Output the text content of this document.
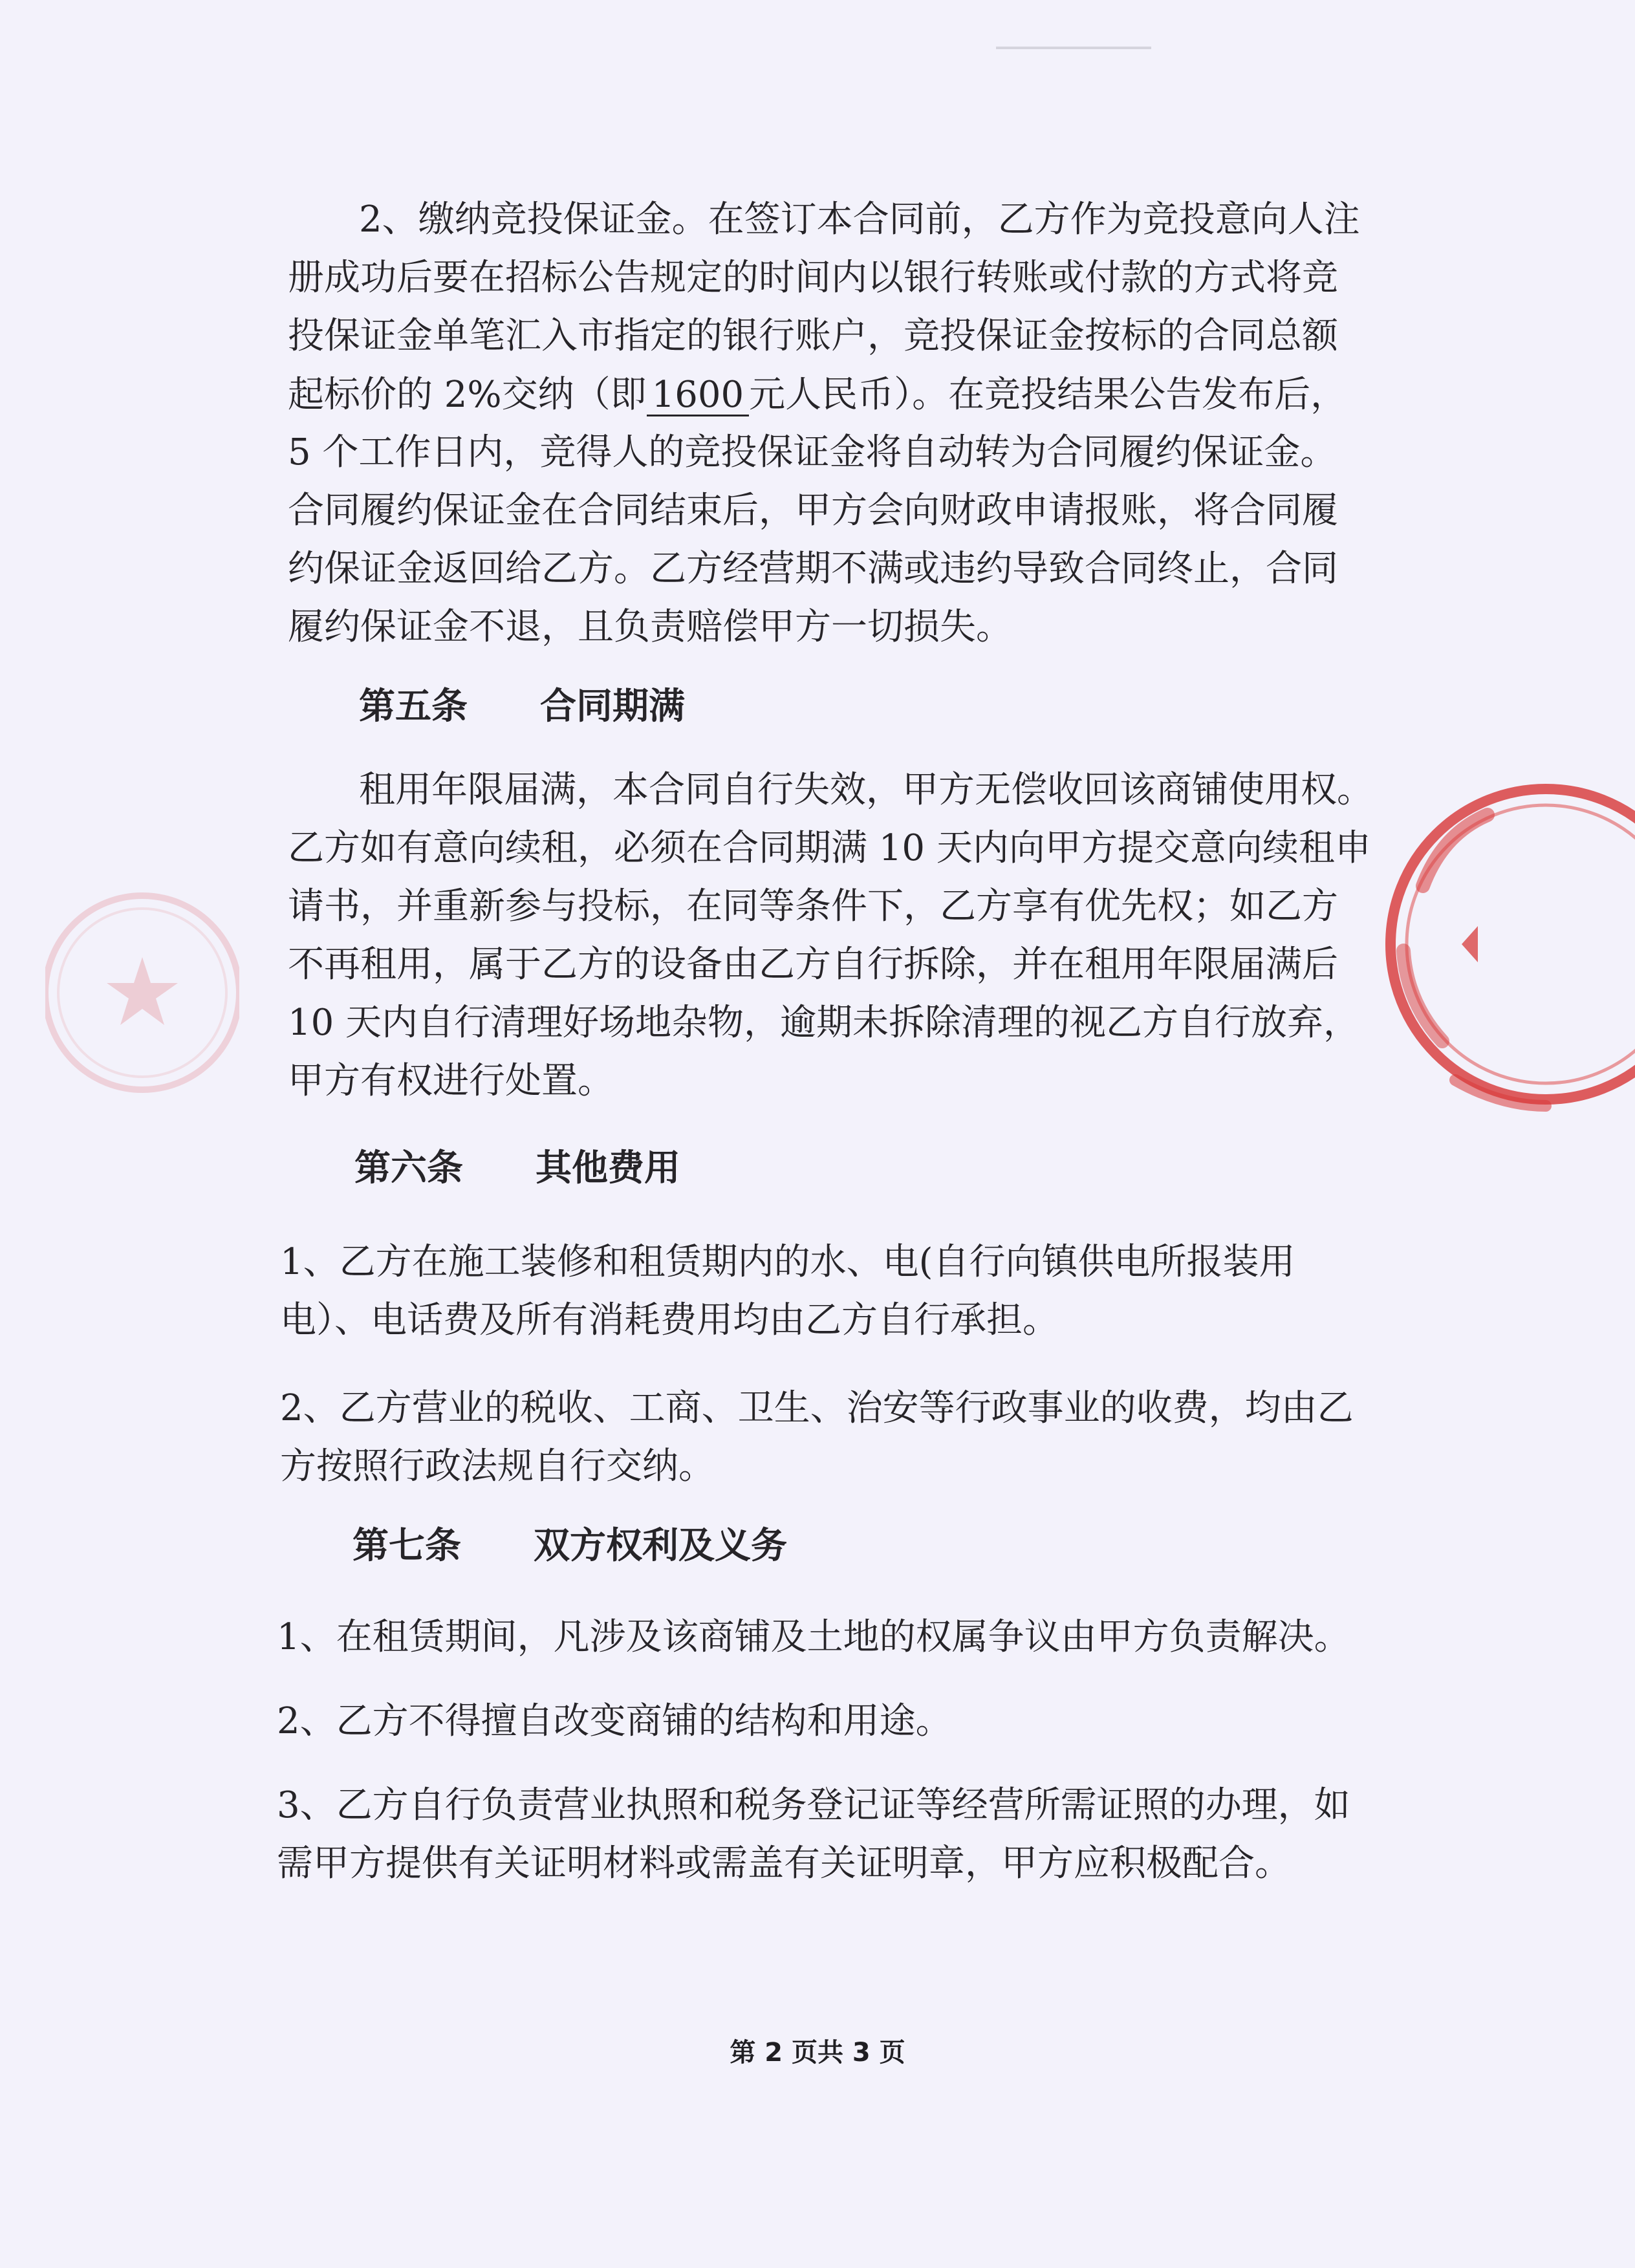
2、缴纳竞投保证金。在签订本合同前，乙方作为竞投意向人注
册成功后要在招标公告规定的时间内以银行转账或付款的方式将竞
投保证金单笔汇入市指定的银行账户，竞投保证金按标的合同总额
起标价的 2%交纳（即 1600 元人民币）。在竞投结果公告发布后，
5 个工作日内，竞得人的竞投保证金将自动转为合同履约保证金。
合同履约保证金在合同结束后，甲方会向财政申请报账，将合同履
约保证金返回给乙方。乙方经营期不满或违约导致合同终止，合同
履约保证金不退，且负责赔偿甲方一切损失。
第五条　　合同期满
租用年限届满，本合同自行失效，甲方无偿收回该商铺使用权。
乙方如有意向续租，必须在合同期满 10 天内向甲方提交意向续租申
请书，并重新参与投标，在同等条件下，乙方享有优先权；如乙方
不再租用，属于乙方的设备由乙方自行拆除，并在租用年限届满后
10 天内自行清理好场地杂物，逾期未拆除清理的视乙方自行放弃，
甲方有权进行处置。
第六条　　其他费用
1、乙方在施工装修和租赁期内的水、电(自行向镇供电所报装用
电）、电话费及所有消耗费用均由乙方自行承担。
2、乙方营业的税收、工商、卫生、治安等行政事业的收费，均由乙
方按照行政法规自行交纳。
第七条　　双方权利及义务
1、在租赁期间，凡涉及该商铺及土地的权属争议由甲方负责解决。
2、乙方不得擅自改变商铺的结构和用途。
3、乙方自行负责营业执照和税务登记证等经营所需证照的办理，如
需甲方提供有关证明材料或需盖有关证明章，甲方应积极配合。
第 2 页共 3 页
